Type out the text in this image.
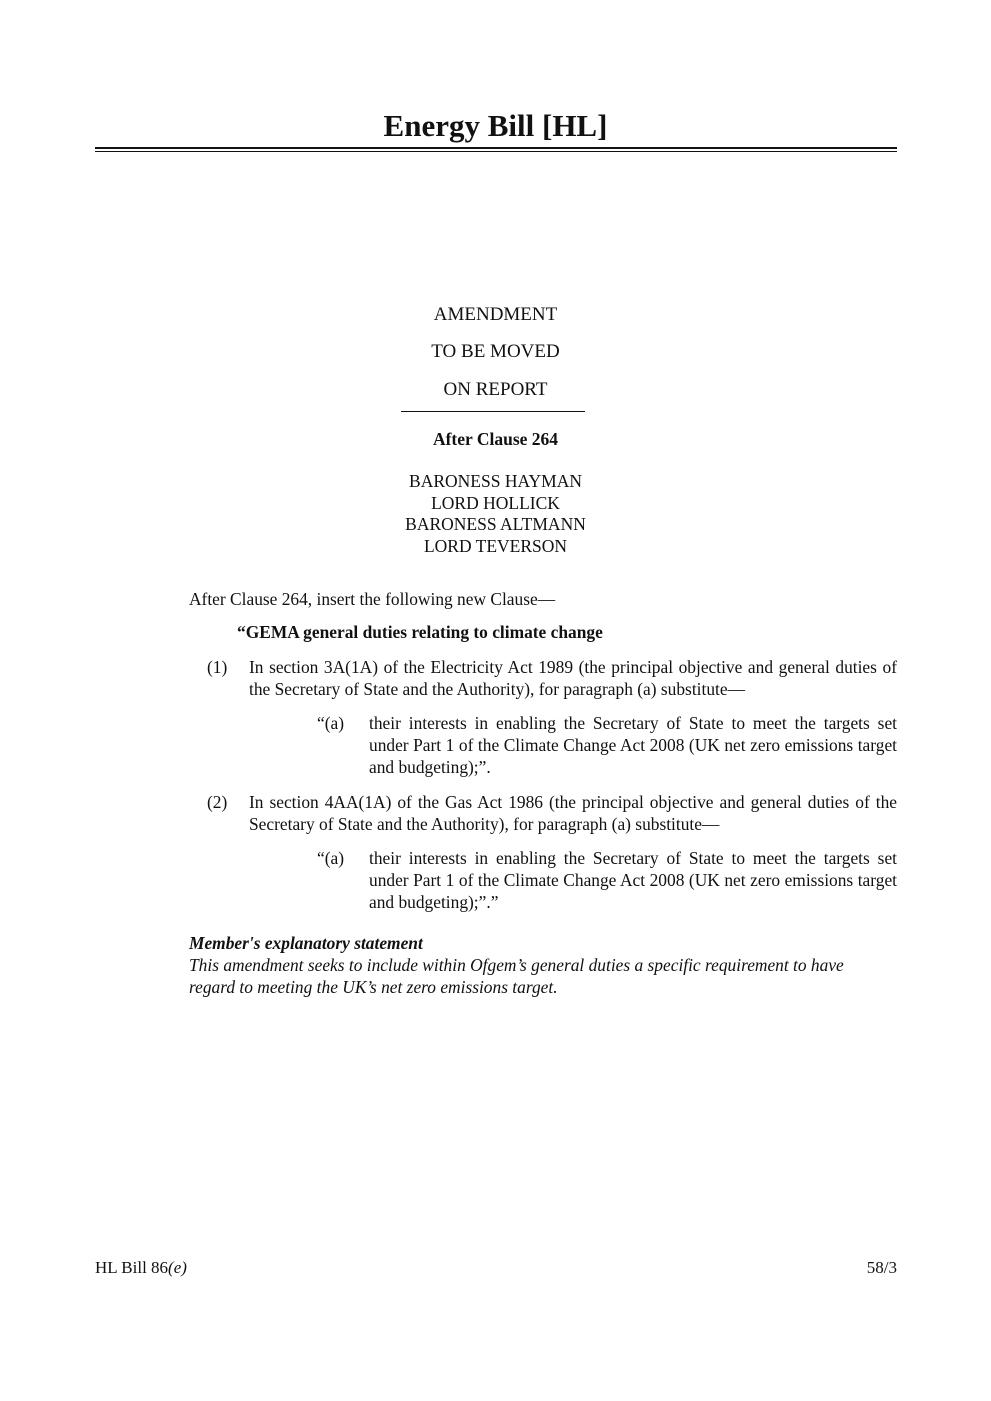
Energy Bill [HL]
AMENDMENT
TO BE MOVED
ON REPORT
After Clause 264
BARONESS HAYMAN
LORD HOLLICK
BARONESS ALTMANN
LORD TEVERSON
After Clause 264, insert the following new Clause—
“GEMA general duties relating to climate change
(1) In section 3A(1A) of the Electricity Act 1989 (the principal objective and general duties of the Secretary of State and the Authority), for paragraph (a) substitute—
“(a) their interests in enabling the Secretary of State to meet the targets set under Part 1 of the Climate Change Act 2008 (UK net zero emissions target and budgeting);”.
(2) In section 4AA(1A) of the Gas Act 1986 (the principal objective and general duties of the Secretary of State and the Authority), for paragraph (a) substitute—
“(a) their interests in enabling the Secretary of State to meet the targets set under Part 1 of the Climate Change Act 2008 (UK net zero emissions target and budgeting);”.”
Member's explanatory statement
This amendment seeks to include within Ofgem’s general duties a specific requirement to have regard to meeting the UK’s net zero emissions target.
HL Bill 86(e)	58/3
